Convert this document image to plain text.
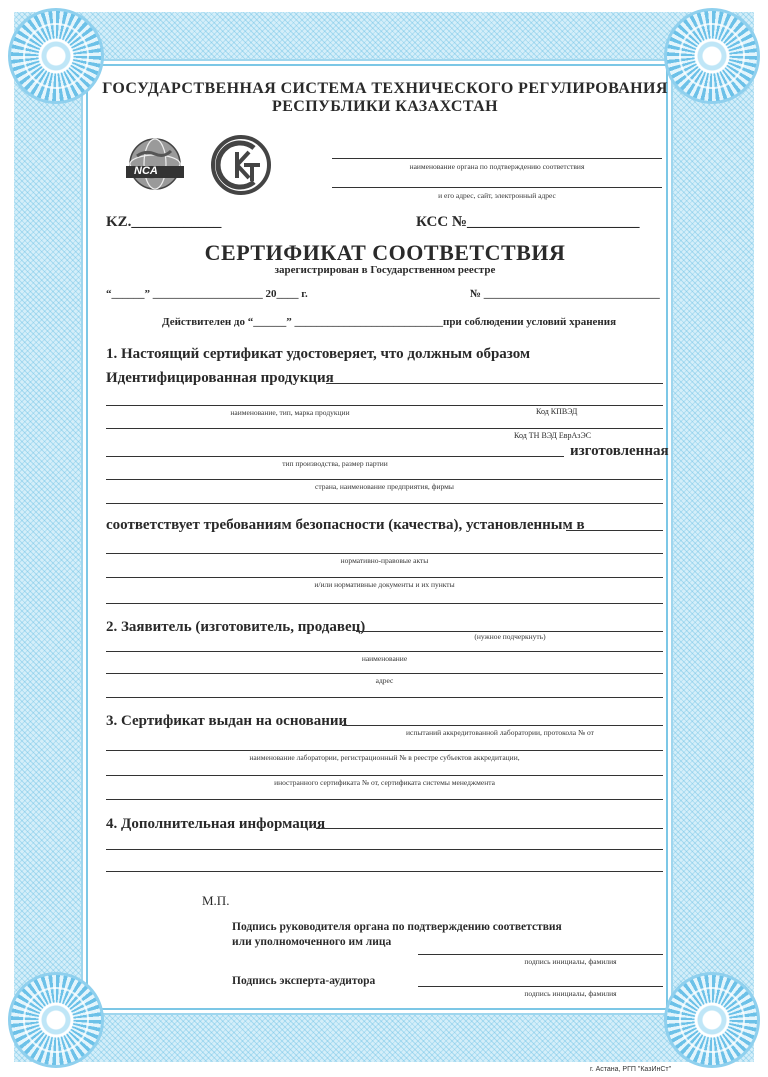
ГОСУДАРСТВЕННАЯ СИСТЕМА ТЕХНИЧЕСКОГО РЕГУЛИРОВАНИЯ
РЕСПУБЛИКИ КАЗАХСТАН
NCA	наименование органа по подтверждению соответствия
и его адрес, сайт, электронный адрес
KZ.____________	КСС №_______________________
СЕРТИФИКАТ СООТВЕТСТВИЯ
зарегистрирован в Государственном реестре
“______” ____________________ 20____ г.	№ ________________________________
Действителен до “______” ___________________________при соблюдении условий хранения
1. Настоящий сертификат удостоверяет, что должным образом
Идентифицированная продукция
наименование, тип, марка продукции	Код КПВЭД
Код ТН ВЭД ЕврАзЭС
изготовленная
тип производства, размер партии
страна, наименование предприятия, фирмы
соответствует требованиям безопасности (качества), установленным в
нормативно-правовые акты
и/или нормативные документы и их пункты
2. Заявитель (изготовитель, продавец)
(нужное подчеркнуть)
наименование
адрес
3. Сертификат выдан на основании
испытаний аккредитованной лаборатории, протокола № от
наименование лаборатории, регистрационный № в реестре субъектов аккредитации,
иностранного сертификата № от, сертификата системы менеджмента
4. Дополнительная информация
М.П.
Подпись руководителя органа по подтверждению соответствия
или уполномоченного им лица
подпись инициалы, фамилия
Подпись эксперта-аудитора
подпись инициалы, фамилия
г. Астана, РГП "КазИнСт"
